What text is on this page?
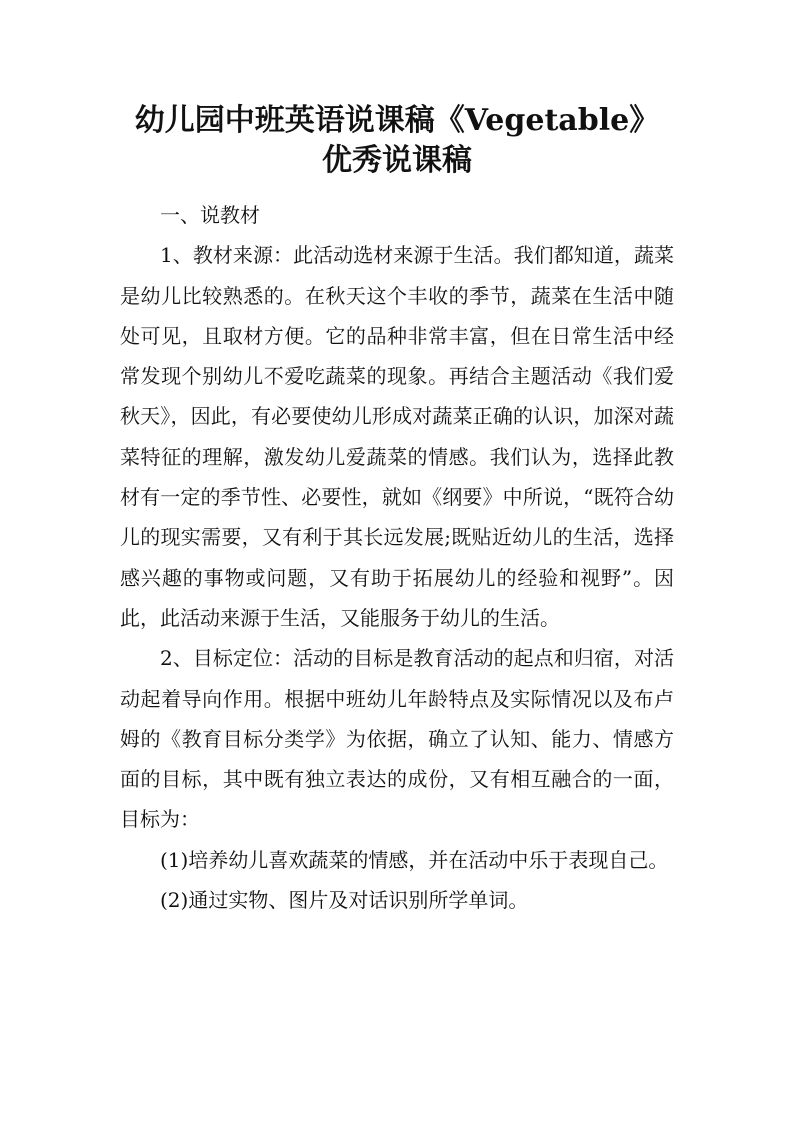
幼儿园中班英语说课稿《Vegetable》
优秀说课稿

一、说教材

1、教材来源：此活动选材来源于生活。我们都知道，蔬菜是幼儿比较熟悉的。在秋天这个丰收的季节，蔬菜在生活中随处可见，且取材方便。它的品种非常丰富，但在日常生活中经常发现个别幼儿不爱吃蔬菜的现象。再结合主题活动《我们爱秋天》，因此，有必要使幼儿形成对蔬菜正确的认识，加深对蔬菜特征的理解，激发幼儿爱蔬菜的情感。我们认为，选择此教材有一定的季节性、必要性，就如《纲要》中所说，“既符合幼儿的现实需要，又有利于其长远发展;既贴近幼儿的生活，选择感兴趣的事物或问题，又有助于拓展幼儿的经验和视野”。因此，此活动来源于生活，又能服务于幼儿的生活。

2、目标定位：活动的目标是教育活动的起点和归宿，对活动起着导向作用。根据中班幼儿年龄特点及实际情况以及布卢姆的《教育目标分类学》为依据，确立了认知、能力、情感方面的目标，其中既有独立表达的成份，又有相互融合的一面，目标为：

(1)培养幼儿喜欢蔬菜的情感，并在活动中乐于表现自己。

(2)通过实物、图片及对话识别所学单词。
